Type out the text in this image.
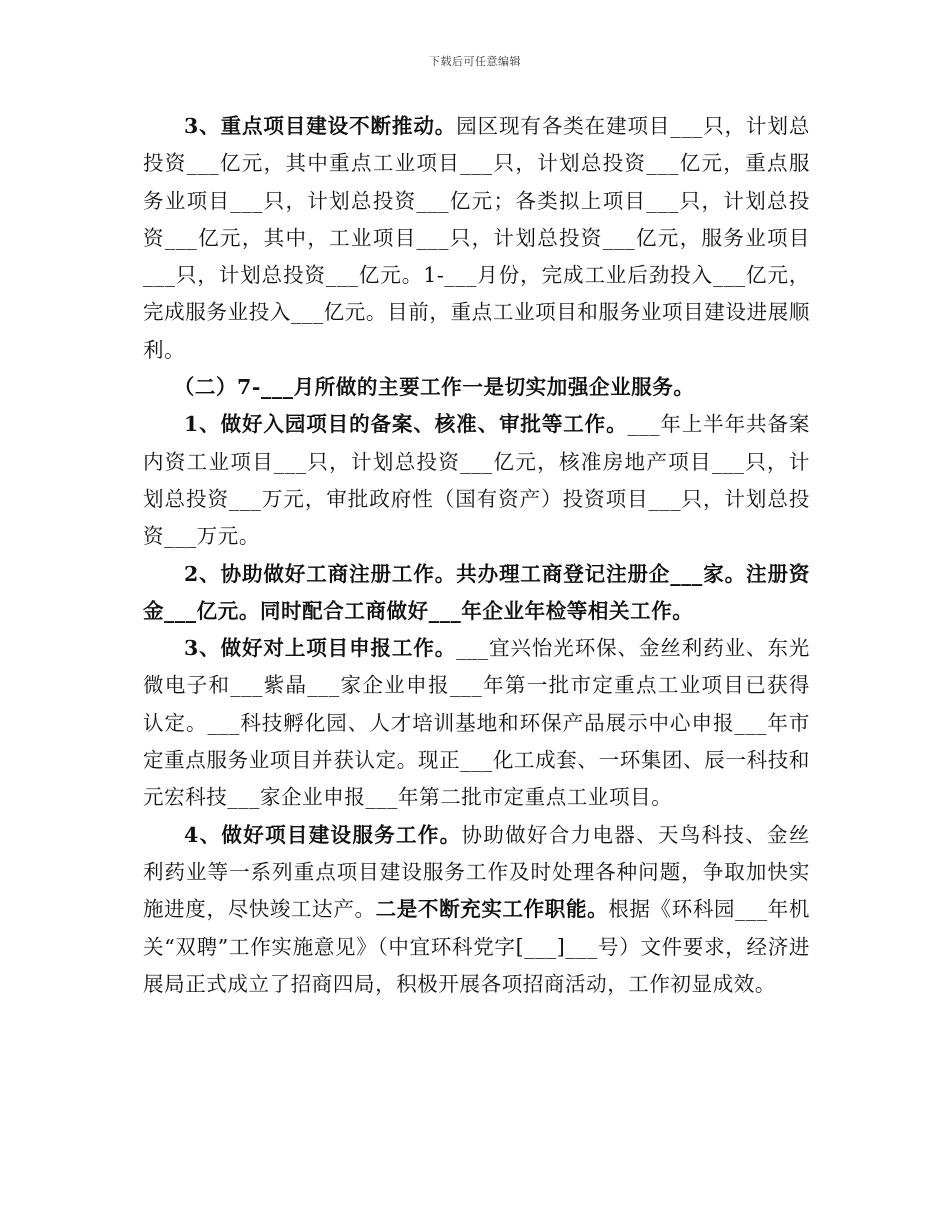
下载后可任意编辑

3、重点项目建设不断推动。园区现有各类在建项目___只，计划总投资___亿元，其中重点工业项目___只，计划总投资___亿元，重点服务业项目___只，计划总投资___亿元；各类拟上项目___只，计划总投资___亿元，其中，工业项目___只，计划总投资___亿元，服务业项目___只，计划总投资___亿元。1-___月份，完成工业后劲投入___亿元，完成服务业投入___亿元。目前，重点工业项目和服务业项目建设进展顺利。

（二）7-___月所做的主要工作一是切实加强企业服务。

1、做好入园项目的备案、核准、审批等工作。___年上半年共备案内资工业项目___只，计划总投资___亿元，核准房地产项目___只，计划总投资___万元，审批政府性（国有资产）投资项目___只，计划总投资___万元。

2、协助做好工商注册工作。共办理工商登记注册企___家。注册资金___亿元。同时配合工商做好___年企业年检等相关工作。

3、做好对上项目申报工作。___宜兴怡光环保、金丝利药业、东光微电子和___紫晶___家企业申报___年第一批市定重点工业项目已获得认定。___科技孵化园、人才培训基地和环保产品展示中心申报___年市定重点服务业项目并获认定。现正___化工成套、一环集团、辰一科技和元宏科技___家企业申报___年第二批市定重点工业项目。

4、做好项目建设服务工作。协助做好合力电器、天鸟科技、金丝利药业等一系列重点项目建设服务工作及时处理各种问题，争取加快实施进度，尽快竣工达产。二是不断充实工作职能。根据《环科园___年机关“双聘”工作实施意见》（中宜环科党字[___]___号）文件要求，经济进展局正式成立了招商四局，积极开展各项招商活动，工作初显成效。
